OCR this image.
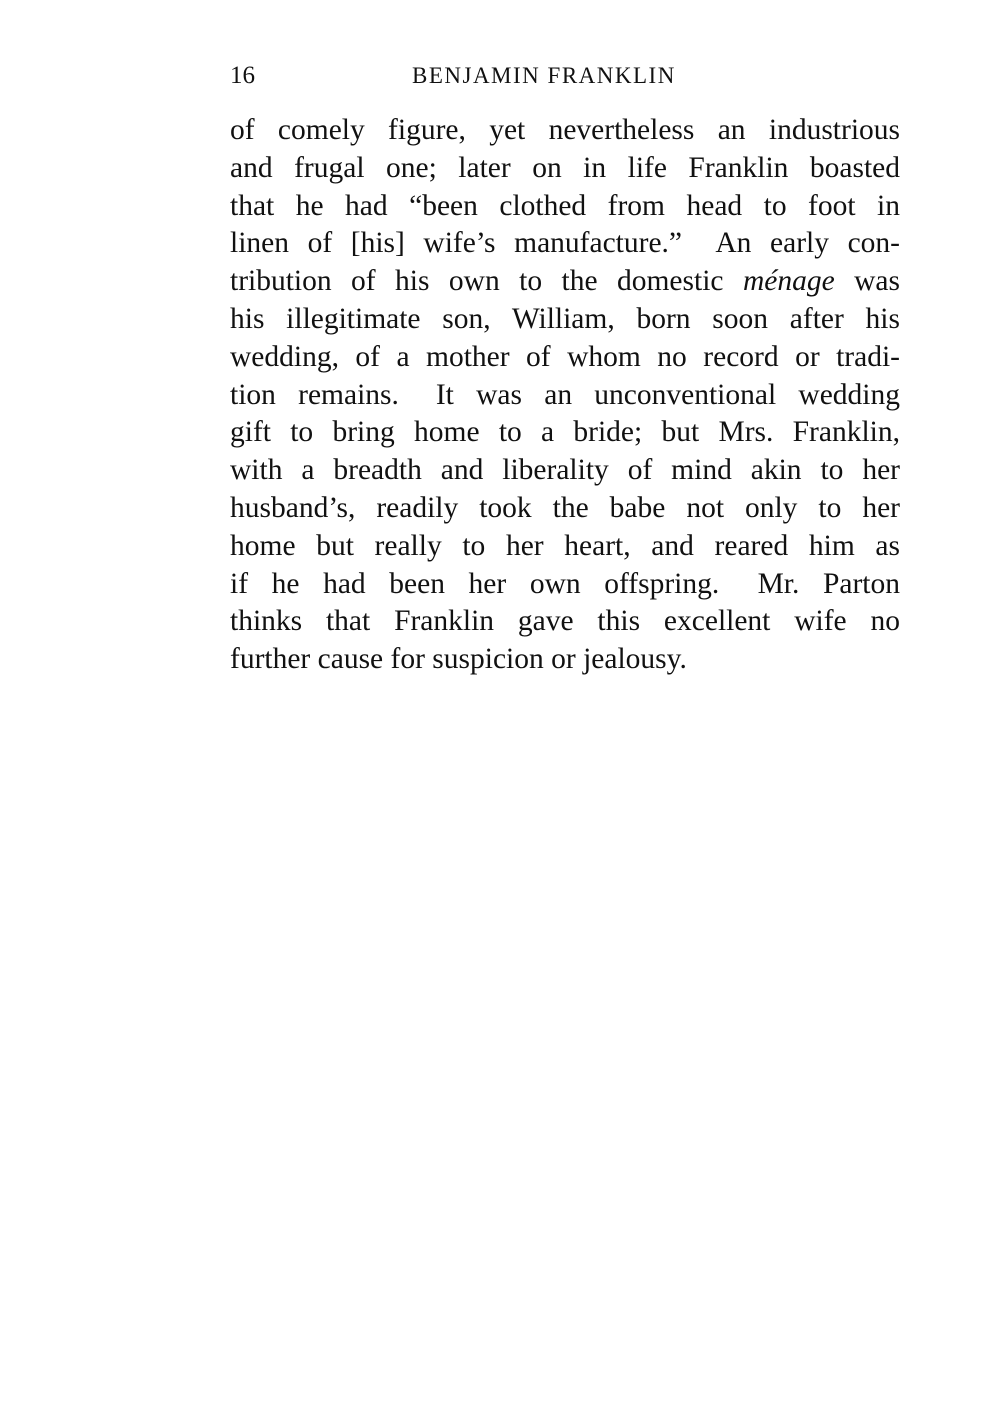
16	BENJAMIN FRANKLIN

of comely figure, yet nevertheless an industrious
and frugal one; later on in life Franklin boasted
that he had “been clothed from head to foot in
linen of [his] wife’s manufacture.”  An early con-
tribution of his own to the domestic ménage was
his illegitimate son, William, born soon after his
wedding, of a mother of whom no record or tradi-
tion remains.  It was an unconventional wedding
gift to bring home to a bride; but Mrs. Franklin,
with a breadth and liberality of mind akin to her
husband’s, readily took the babe not only to her
home but really to her heart, and reared him as
if he had been her own offspring.  Mr. Parton
thinks that Franklin gave this excellent wife no
further cause for suspicion or jealousy.
